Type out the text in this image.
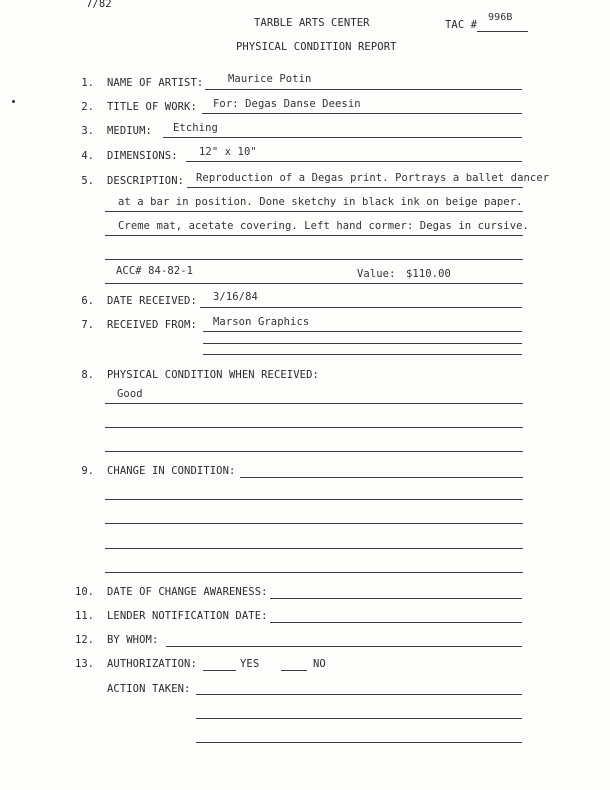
7/82
TARBLE ARTS CENTER	TAC #
996B
PHYSICAL CONDITION REPORT
1. NAME OF ARTIST: Maurice Potin
2. TITLE OF WORK: For: Degas Danse Deesin
3. MEDIUM: Etching
4. DIMENSIONS: 12" x 10"
5. DESCRIPTION: Reproduction of a Degas print. Portrays a ballet dancer
at a bar in position. Done sketchy in black ink on beige paper.
Creme mat, acetate covering. Left hand cormer: Degas in cursive.
ACC# 84-82-1	Value: $110.00
6. DATE RECEIVED: 3/16/84
7. RECEIVED FROM: Marson Graphics
8. PHYSICAL CONDITION WHEN RECEIVED:
Good
9. CHANGE IN CONDITION:
10. DATE OF CHANGE AWARENESS:
11. LENDER NOTIFICATION DATE:
12. BY WHOM:
13. AUTHORIZATION:	YES	NO
ACTION TAKEN:
